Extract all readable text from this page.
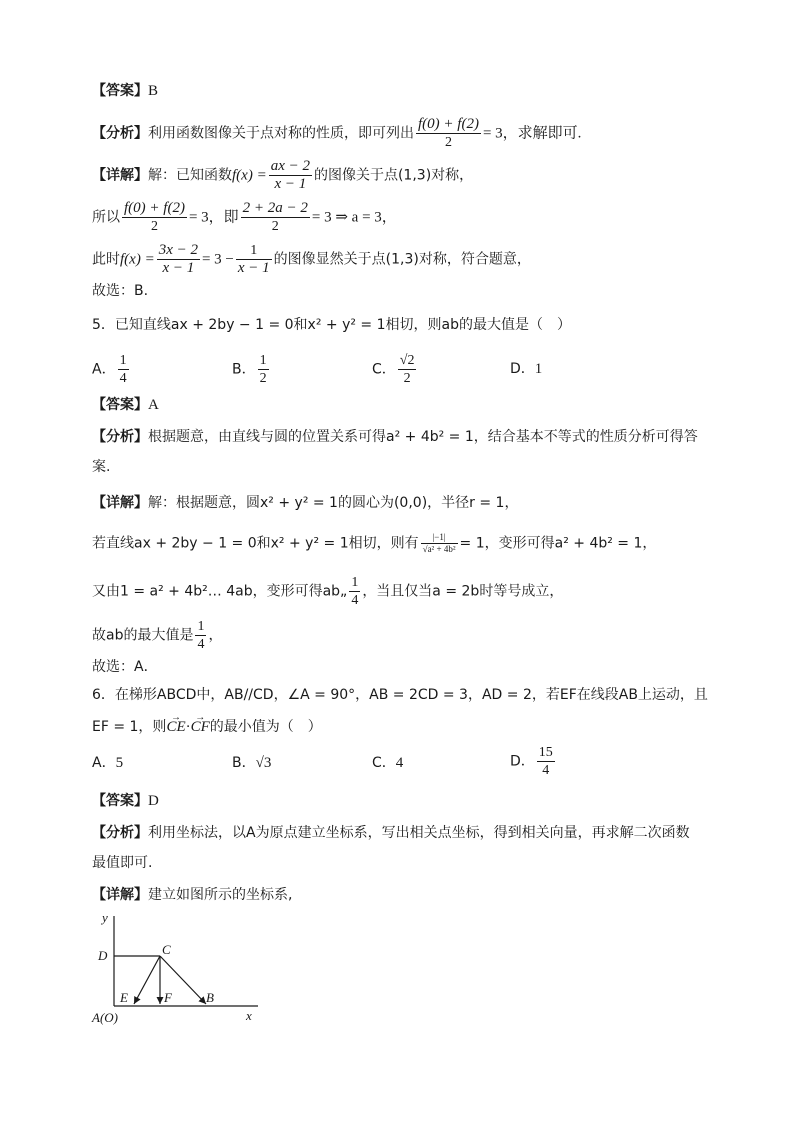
【答案】B
【分析】利用函数图像关于点对称的性质，即可列出 $\frac{f(0) + f(2)}{2} = 3$，求解即可.
【详解】解：已知函数$f(x) = \frac{ax - 2}{x - 1}$ 的图像关于点(1,3)对称，
所以 $\frac{f(0) + f(2)}{2} = 3$，即 $\frac{2 + 2a - 2}{2} = 3$ ⇒ a = 3，
此时$f(x) = \frac{3x - 2}{x - 1} = 3 - \frac{1}{x - 1}$ 的图像显然关于点(1,3)对称，符合题意，
故选：B.
5．已知直线ax + 2by − 1 = 0和x² + y² = 1相切，则ab的最大值是（　）
A． $\frac{1}{4}$	B． $\frac{1}{2}$	C． $\frac{√2}{2}$	D．1
【答案】A
【分析】根据题意，由直线与圆的位置关系可得a² + 4b² = 1，结合基本不等式的性质分析可得答
案.
【详解】解：根据题意，圆x² + y² = 1的圆心为(0,0)，半径r = 1，
若直线ax + 2by − 1 = 0和x² + y² = 1相切，则有 $\frac{|-1|}{\text{√a² + 4b²}} = 1$，变形可得a² + 4b² = 1，
又由1 = a² + 4b²… 4ab，变形可得ab„ $\frac{1}{4}$ ，当且仅当a = 2b时等号成立，
故ab的最大值是 $\frac{1}{4}$ ，
故选：A．
6．在梯形ABCD中，AB//CD，∠A = 90°，AB = 2CD = 3，AD = 2，若EF在线段AB上运动，且
EF = 1，则→ CE·→ CF的最小值为（　）
A．5	B．√3	C．4	D． $\frac{15}{4}$
【答案】D
【分析】利用坐标法，以A为原点建立坐标系，写出相关点坐标，得到相关向量，再求解二次函数
最值即可.
【详解】建立如图所示的坐标系,
y
x
D	C
E	F	B
A(O)
